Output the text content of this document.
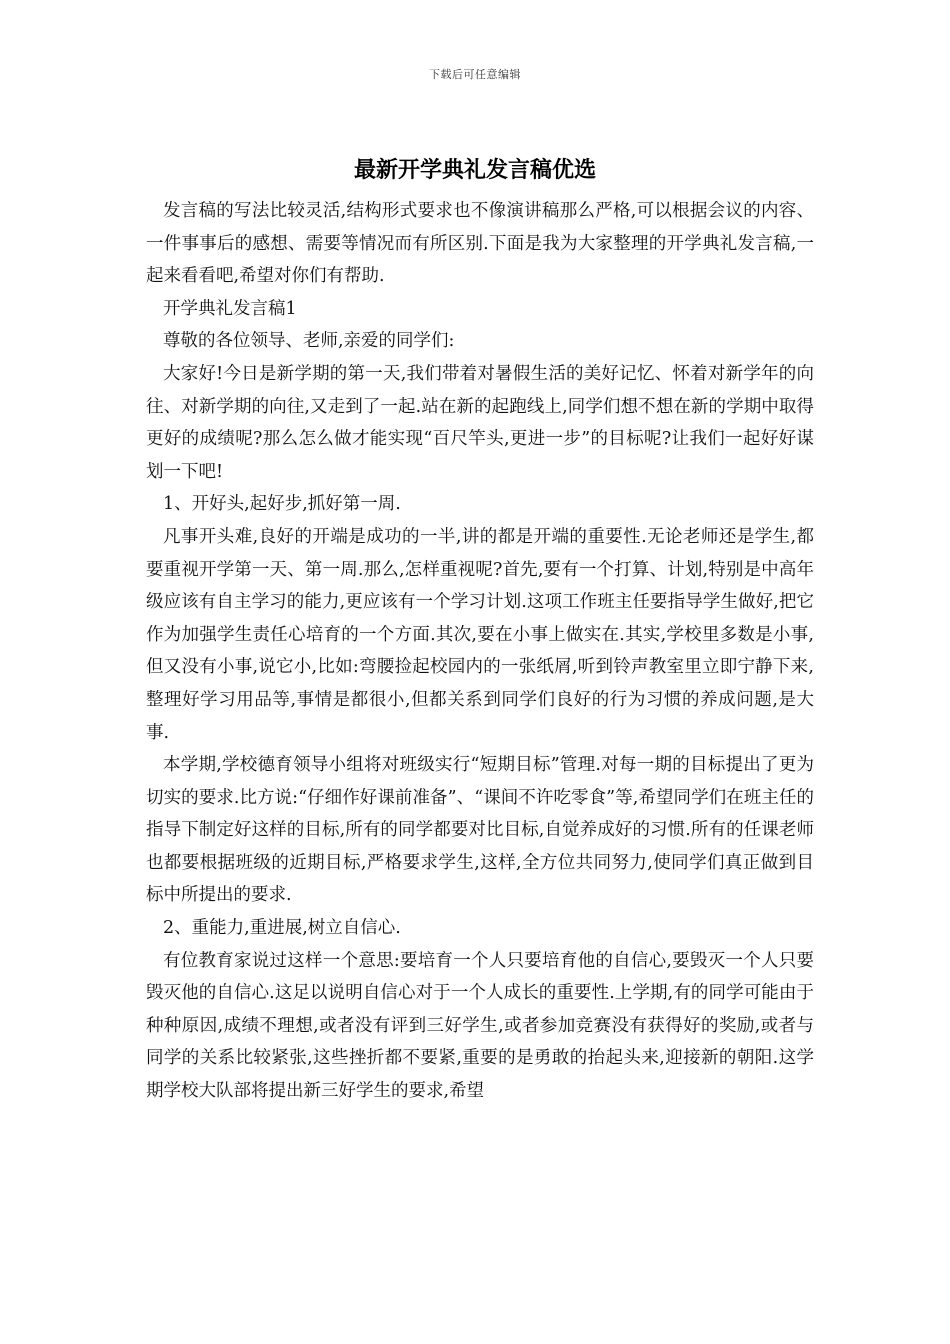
下载后可任意编辑
最新开学典礼发言稿优选

发言稿的写法比较灵活,结构形式要求也不像演讲稿那么严格,可以根据会议的内容、一件事事后的感想、需要等情况而有所区别.下面是我为大家整理的开学典礼发言稿,一起来看看吧,希望对你们有帮助.

开学典礼发言稿1

尊敬的各位领导、老师,亲爱的同学们:

大家好!今日是新学期的第一天,我们带着对暑假生活的美好记忆、怀着对新学年的向往、对新学期的向往,又走到了一起.站在新的起跑线上,同学们想不想在新的学期中取得更好的成绩呢?那么怎么做才能实现“百尺竿头,更进一步”的目标呢?让我们一起好好谋划一下吧!

1、开好头,起好步,抓好第一周.

凡事开头难,良好的开端是成功的一半,讲的都是开端的重要性.无论老师还是学生,都要重视开学第一天、第一周.那么,怎样重视呢?首先,要有一个打算、计划,特别是中高年级应该有自主学习的能力,更应该有一个学习计划.这项工作班主任要指导学生做好,把它作为加强学生责任心培育的一个方面.其次,要在小事上做实在.其实,学校里多数是小事,但又没有小事,说它小,比如:弯腰捡起校园内的一张纸屑,听到铃声教室里立即宁静下来,整理好学习用品等,事情是都很小,但都关系到同学们良好的行为习惯的养成问题,是大事.

本学期,学校德育领导小组将对班级实行“短期目标”管理.对每一期的目标提出了更为切实的要求.比方说:“仔细作好课前准备”、“课间不许吃零食”等,希望同学们在班主任的指导下制定好这样的目标,所有的同学都要对比目标,自觉养成好的习惯.所有的任课老师也都要根据班级的近期目标,严格要求学生,这样,全方位共同努力,使同学们真正做到目标中所提出的要求.

2、重能力,重进展,树立自信心.

有位教育家说过这样一个意思:要培育一个人只要培育他的自信心,要毁灭一个人只要毁灭他的自信心.这足以说明自信心对于一个人成长的重要性.上学期,有的同学可能由于种种原因,成绩不理想,或者没有评到三好学生,或者参加竞赛没有获得好的奖励,或者与同学的关系比较紧张,这些挫折都不要紧,重要的是勇敢的抬起头来,迎接新的朝阳.这学期学校大队部将提出新三好学生的要求,希望
